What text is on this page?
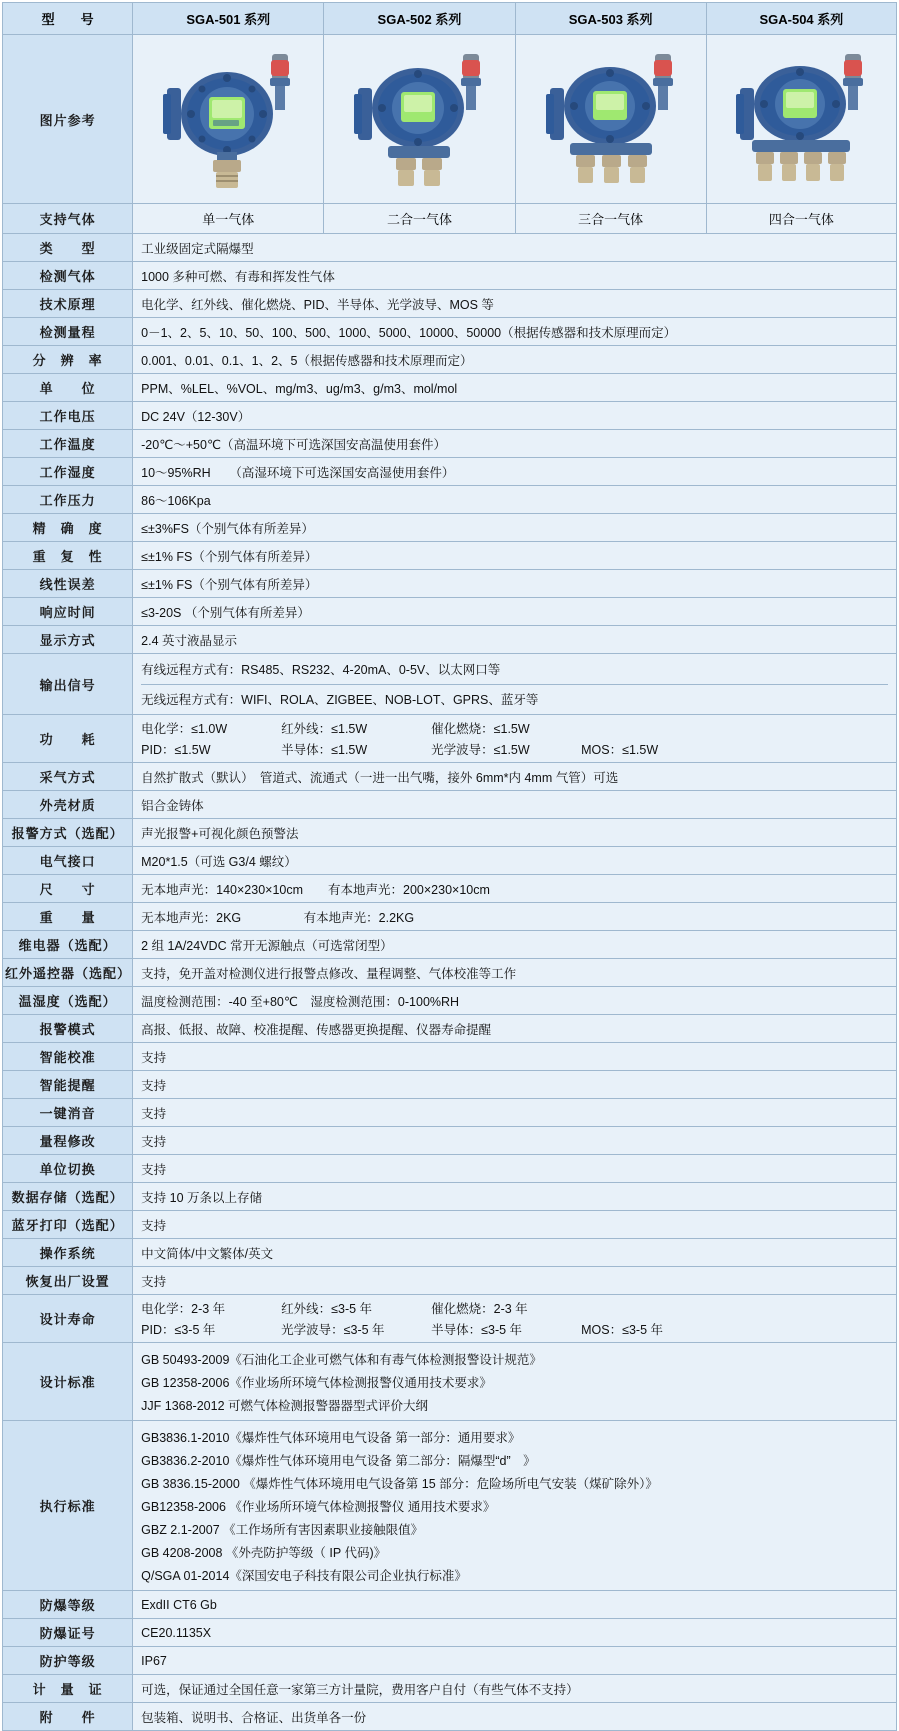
型　　号	SGA-501 系列	SGA-502 系列	SGA-503 系列	SGA-504 系列
图片参考	

支持气体	单一气体	二合一气体	三合一气体	四合一气体
类　　型	工业级固定式隔爆型			
检测气体	1000 多种可燃、有毒和挥发性气体			
技术原理	电化学、红外线、催化燃烧、PID、半导体、光学波导、MOS 等			
检测量程	0－1、2、5、10、50、100、500、1000、5000、10000、50000（根据传感器和技术原理而定）			
分　辨　率	0.001、0.01、0.1、1、2、5（根据传感器和技术原理而定）			
单　　位	PPM、%LEL、%VOL、mg/m3、ug/m3、g/m3、mol/mol			
工作电压	DC 24V（12-30V）			
工作温度	-20℃～+50℃（高温环境下可选深国安高温使用套件）			
工作湿度	10～95%RH　　（高湿环境下可选深国安高湿使用套件）			
工作压力	86～106Kpa			
精　确　度	≤±3%FS（个别气体有所差异）			
重　复　性	≤±1% FS（个别气体有所差异）			
线性误差	≤±1% FS（个别气体有所差异）			
响应时间	≤3-20S （个别气体有所差异）			
显示方式	2.4 英寸液晶显示			
输出信号	有线远程方式有：RS485、RS232、4-20mA、0-5V、以太网口等
无线远程方式有：WIFI、ROLA、ZIGBEE、NOB-LOT、GPRS、蓝牙等			

功　　耗	
电化学：≤1.0W	红外线：≤1.5W	催化燃烧：≤1.5W
PID：≤1.5W	半导体：≤1.5W	光学波导：≤1.5W	MOS：≤1.5W

采气方式	自然扩散式（默认）　管道式、流通式（一进一出气嘴，接外 6mm*内 4mm 气管）可选			
外壳材质	铝合金铸体			
报警方式（选配）	声光报警+可视化颜色预警法			
电气接口	M20*1.5（可选 G3/4 螺纹）			
尺　　寸	无本地声光：140×230×10cm　　有本地声光：200×230×10cm			
重　　量	无本地声光：2KG　　　　　有本地声光：2.2KG			
维电器（选配）	2 组 1A/24VDC 常开无源触点（可选常闭型）			
红外遥控器（选配）	支持，免开盖对检测仪进行报警点修改、量程调整、气体校准等工作			
温湿度（选配）	温度检测范围：-40 至+80℃　湿度检测范围：0-100%RH			
报警模式	高报、低报、故障、校准提醒、传感器更换提醒、仪器寿命提醒			
智能校准	支持			
智能提醒	支持			
一键消音	支持			
量程修改	支持			
单位切换	支持			
数据存储（选配）	支持 10 万条以上存储			
蓝牙打印（选配）	支持			
操作系统	中文简体/中文繁体/英文			
恢复出厂设置	支持			
设计寿命	
电化学：2-3 年	红外线：≤3-5 年	催化燃烧：2-3 年
PID：≤3-5 年	光学波导：≤3-5 年	半导体：≤3-5 年	MOS：≤3-5 年

设计标准	GB 50493-2009《石油化工企业可燃气体和有毒气体检测报警设计规范》
GB 12358-2006《作业场所环境气体检测报警仪通用技术要求》
JJF 1368-2012 可燃气体检测报警器器型式评价大纲			

执行标准	
GB3836.1-2010《爆炸性气体环境用电气设备 第一部分：通用要求》
GB3836.2-2010《爆炸性气体环境用电气设备 第二部分：隔爆型“d”　》
GB 3836.15-2000 《爆炸性气体环境用电气设备第 15 部分：危险场所电气安装（煤矿除外）》
GB12358-2006 《作业场所环境气体检测报警仪 通用技术要求》
GBZ 2.1-2007 《工作场所有害因素职业接触限值》
GB 4208-2008 《外壳防护等级（ IP 代码)》
Q/SGA 01-2014《深国安电子科技有限公司企业执行标准》

防爆等级	ExdII CT6 Gb			
防爆证号	CE20.1135X			
防护等级	IP67			
计　量　证	可选，保证通过全国任意一家第三方计量院，费用客户自付（有些气体不支持）			
附　　件	包装箱、说明书、合格证、出货单各一份			
